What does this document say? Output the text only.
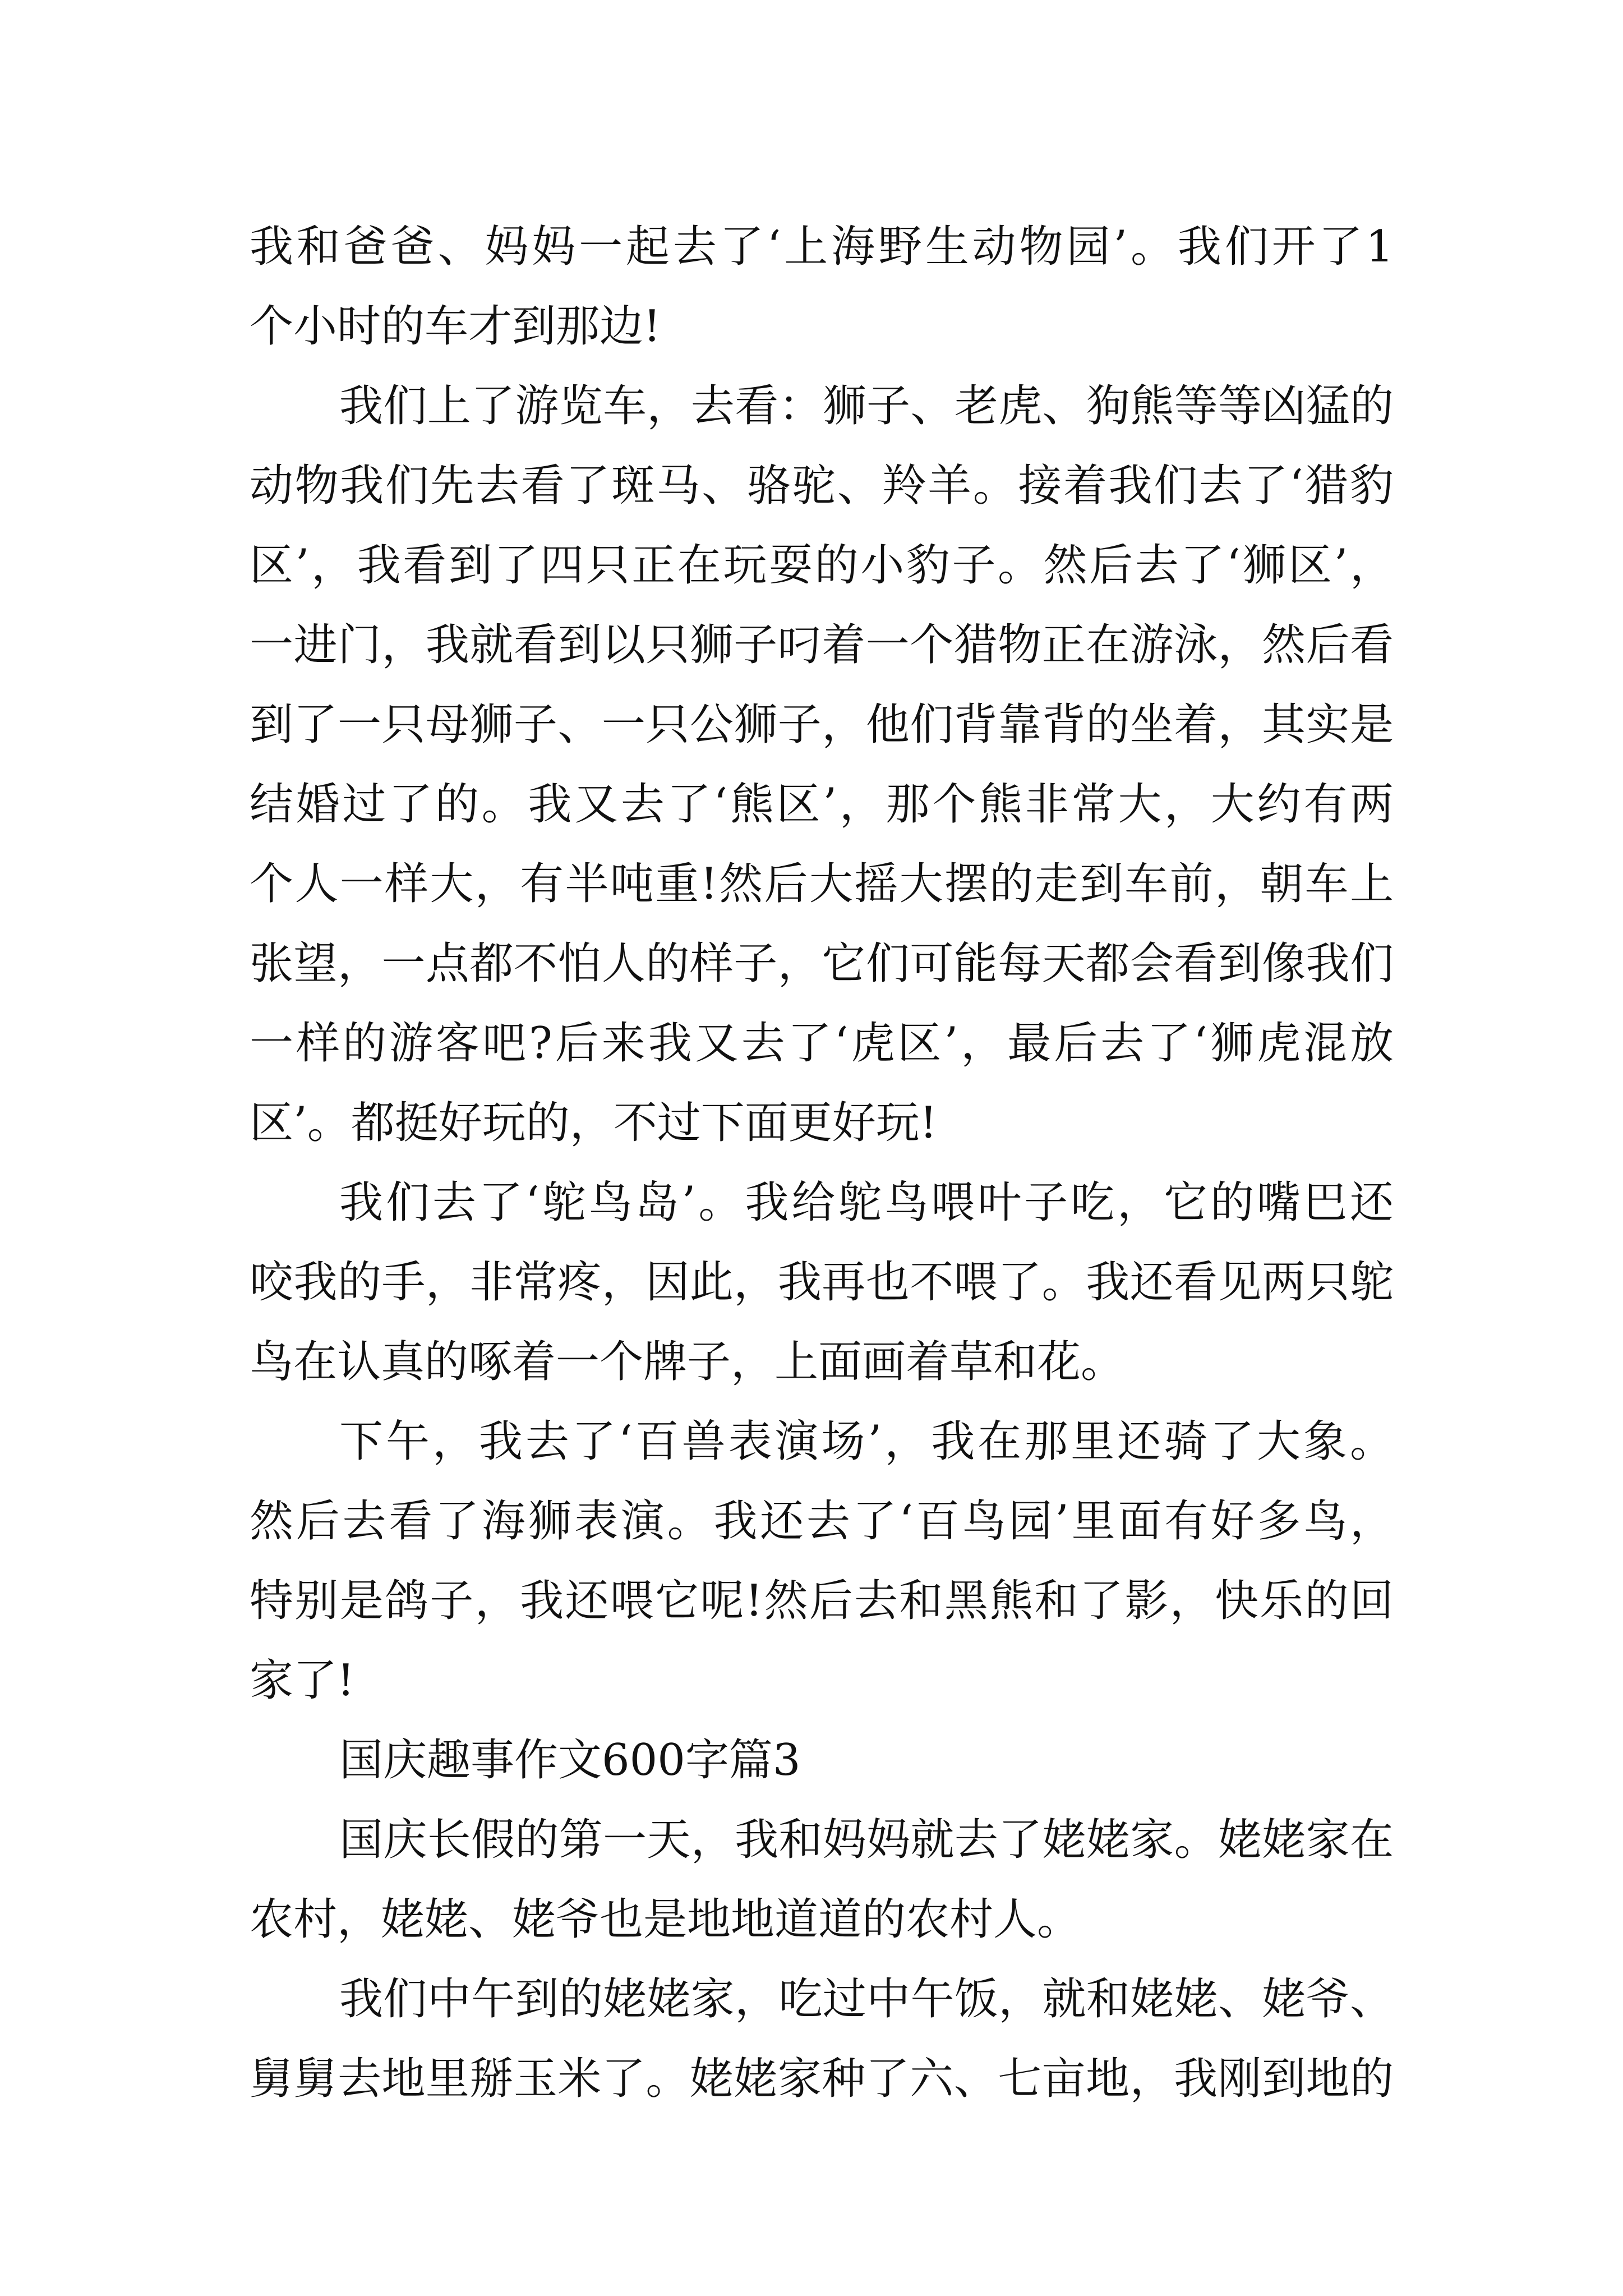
我和爸爸、妈妈一起去了‘上海野生动物园’。我们开了1
个小时的车才到那边!
我们上了游览车，去看：狮子、老虎、狗熊等等凶猛的
动物我们先去看了斑马、骆驼、羚羊。接着我们去了‘猎豹
区’，我看到了四只正在玩耍的小豹子。然后去了‘狮区’，
一进门，我就看到以只狮子叼着一个猎物正在游泳，然后看
到了一只母狮子、一只公狮子，他们背靠背的坐着，其实是
结婚过了的。我又去了‘熊区’，那个熊非常大，大约有两
个人一样大，有半吨重!然后大摇大摆的走到车前，朝车上
张望，一点都不怕人的样子，它们可能每天都会看到像我们
一样的游客吧?后来我又去了‘虎区’，最后去了‘狮虎混放
区’。都挺好玩的，不过下面更好玩!
我们去了‘鸵鸟岛’。我给鸵鸟喂叶子吃，它的嘴巴还
咬我的手，非常疼，因此，我再也不喂了。我还看见两只鸵
鸟在认真的啄着一个牌子，上面画着草和花。
下午，我去了‘百兽表演场’，我在那里还骑了大象。
然后去看了海狮表演。我还去了‘百鸟园’里面有好多鸟，
特别是鸽子，我还喂它呢!然后去和黑熊和了影，快乐的回
家了!
国庆趣事作文600字篇3
国庆长假的第一天，我和妈妈就去了姥姥家。姥姥家在
农村，姥姥、姥爷也是地地道道的农村人。
我们中午到的姥姥家，吃过中午饭，就和姥姥、姥爷、
舅舅去地里掰玉米了。姥姥家种了六、七亩地，我刚到地的
